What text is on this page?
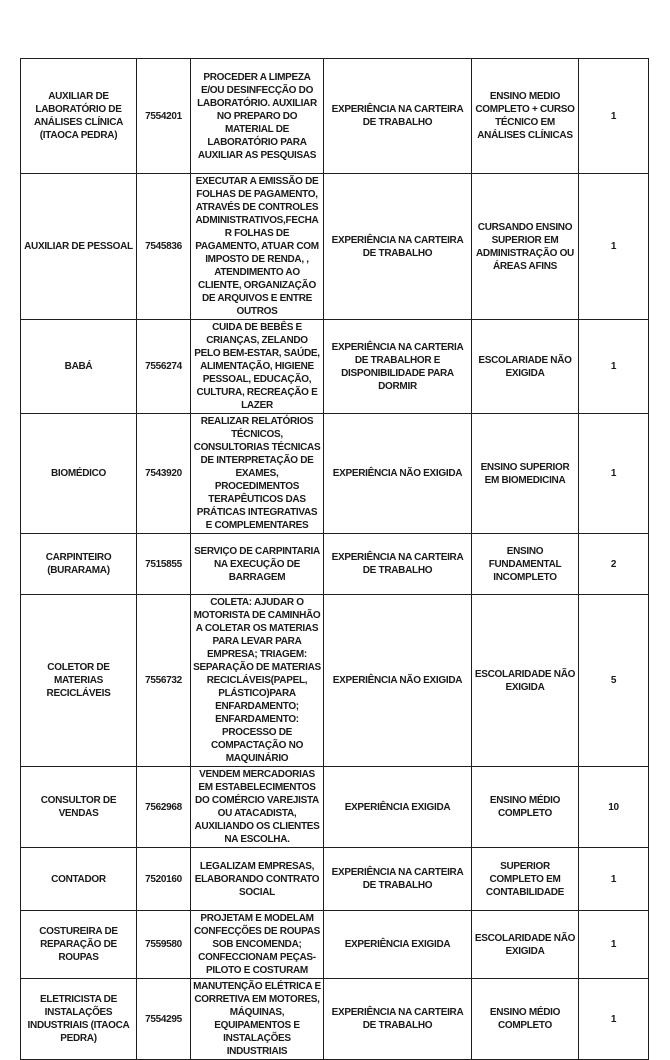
AUXILIAR DE LABORATÓRIO DE ANÁLISES CLÍNICA (ITAOCA PEDRA)	7554201	PROCEDER A LIMPEZA E/OU DESINFECÇÃO DO LABORATÓRIO. AUXILIAR NO PREPARO DO MATERIAL DE LABORATÓRIO PARA AUXILIAR AS PESQUISAS	EXPERIÊNCIA NA CARTEIRA DE TRABALHO	ENSINO MEDIO COMPLETO + CURSO TÉCNICO EM ANÁLISES CLÍNICAS	1
AUXILIAR DE PESSOAL	7545836	EXECUTAR A EMISSÃO DE FOLHAS DE PAGAMENTO, ATRAVÉS DE CONTROLES ADMINISTRATIVOS,FECHAR FOLHAS DE PAGAMENTO, ATUAR COM IMPOSTO DE RENDA, , ATENDIMENTO AO CLIENTE, ORGANIZAÇÃO DE ARQUIVOS E ENTRE OUTROS	EXPERIÊNCIA NA CARTEIRA DE TRABALHO	CURSANDO ENSINO SUPERIOR EM ADMINISTRAÇÃO OU ÁREAS AFINS	1
BABÁ	7556274	CUIDA DE BEBÊS E CRIANÇAS, ZELANDO PELO BEM-ESTAR, SAÚDE, ALIMENTAÇÃO, HIGIENE PESSOAL, EDUCAÇÃO, CULTURA, RECREAÇÃO E LAZER	EXPERIÊNCIA NA CARTERIA DE TRABALHOR E DISPONIBILIDADE PARA DORMIR	ESCOLARIADE NÃO EXIGIDA	1
BIOMÉDICO	7543920	REALIZAR RELATÓRIOS TÉCNICOS, CONSULTORIAS TÉCNICAS DE INTERPRETAÇÃO DE EXAMES, PROCEDIMENTOS TERAPÊUTICOS DAS PRÁTICAS INTEGRATIVAS E COMPLEMENTARES	EXPERIÊNCIA NÃO EXIGIDA	ENSINO SUPERIOR EM BIOMEDICINA	1
CARPINTEIRO (BURARAMA)	7515855	SERVIÇO DE CARPINTARIA NA EXECUÇÃO DE BARRAGEM	EXPERIÊNCIA NA CARTEIRA DE TRABALHO	ENSINO FUNDAMENTAL INCOMPLETO	2
COLETOR DE MATERIAS RECICLÁVEIS	7556732	COLETA: AJUDAR O MOTORISTA DE CAMINHÃO A COLETAR OS MATERIAS PARA LEVAR PARA EMPRESA; TRIAGEM: SEPARAÇÃO DE MATERIAS RECICLÁVEIS(PAPEL, PLÁSTICO)PARA ENFARDAMENTO; ENFARDAMENTO: PROCESSO DE COMPACTAÇÃO NO MAQUINÁRIO	EXPERIÊNCIA NÃO EXIGIDA	ESCOLARIDADE NÃO EXIGIDA	5
CONSULTOR DE VENDAS	7562968	VENDEM MERCADORIAS EM ESTABELECIMENTOS DO COMÉRCIO VAREJISTA OU ATACADISTA, AUXILIANDO OS CLIENTES NA ESCOLHA.	EXPERIÊNCIA EXIGIDA	ENSINO MÉDIO COMPLETO	10
CONTADOR	7520160	LEGALIZAM EMPRESAS, ELABORANDO CONTRATO SOCIAL	EXPERIÊNCIA NA CARTEIRA DE TRABALHO	SUPERIOR COMPLETO EM CONTABILIDADE	1
COSTUREIRA DE REPARAÇÃO DE ROUPAS	7559580	PROJETAM E MODELAM CONFECÇÕES DE ROUPAS SOB ENCOMENDA; CONFECCIONAM PEÇAS-PILOTO E COSTURAM	EXPERIÊNCIA EXIGIDA	ESCOLARIDADE NÃO EXIGIDA	1
ELETRICISTA DE INSTALAÇÕES INDUSTRIAIS (ITAOCA PEDRA)	7554295	MANUTENÇÃO ELÉTRICA E CORRETIVA EM MOTORES, MÁQUINAS, EQUIPAMENTOS E INSTALAÇÕES INDUSTRIAIS	EXPERIÊNCIA NA CARTEIRA DE TRABALHO	ENSINO MÉDIO COMPLETO	1
